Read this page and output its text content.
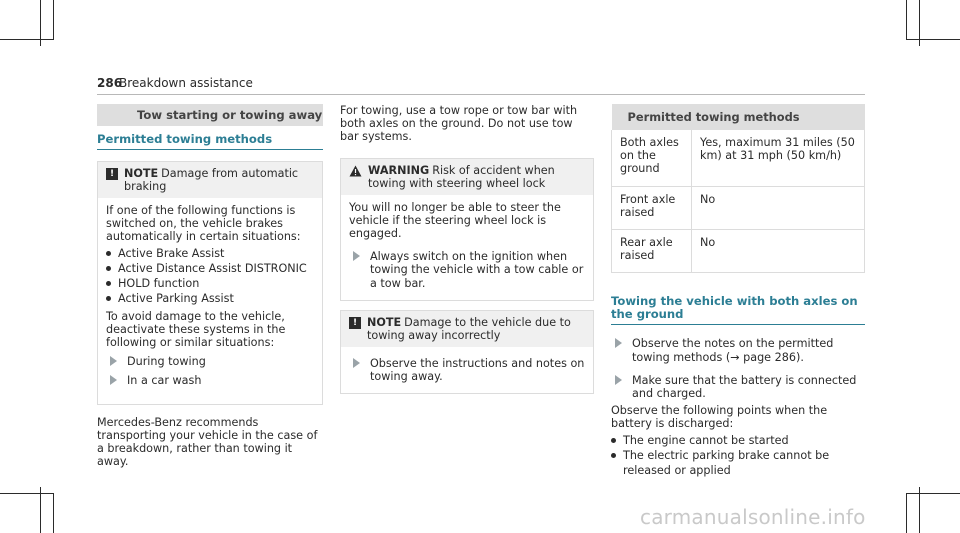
286
Breakdown assistance
Tow starting or towing away
Permitted towing methods
! NOTE Damage from automatic braking
If one of the following functions is switched on, the vehicle brakes automatically in certain situations:
Active Brake Assist
Active Distance Assist DISTRONIC
HOLD function
Active Parking Assist
To avoid damage to the vehicle, deactivate these systems in the following or similar situations:
During towing
In a car wash
Mercedes-Benz recommends transporting your vehicle in the case of a breakdown, rather than towing it away.
For towing, use a tow rope or tow bar with both axles on the ground. Do not use tow bar systems.
WARNING Risk of accident when towing with steering wheel lock
You will no longer be able to steer the vehicle if the steering wheel lock is engaged.
Always switch on the ignition when towing the vehicle with a tow cable or a tow bar.
! NOTE Damage to the vehicle due to towing away incorrectly
Observe the instructions and notes on towing away.
Permitted towing methods	
Both axles on the ground	Yes, maximum 31 miles (50 km) at 31 mph (50 km/h)
Front axle raised	No
Rear axle raised	No
Towing the vehicle with both axles on the ground
Observe the notes on the permitted towing methods (→ page 286).
Make sure that the battery is connected and charged.
Observe the following points when the battery is discharged:
The engine cannot be started
The electric parking brake cannot be released or applied
carmanualsonline.info
